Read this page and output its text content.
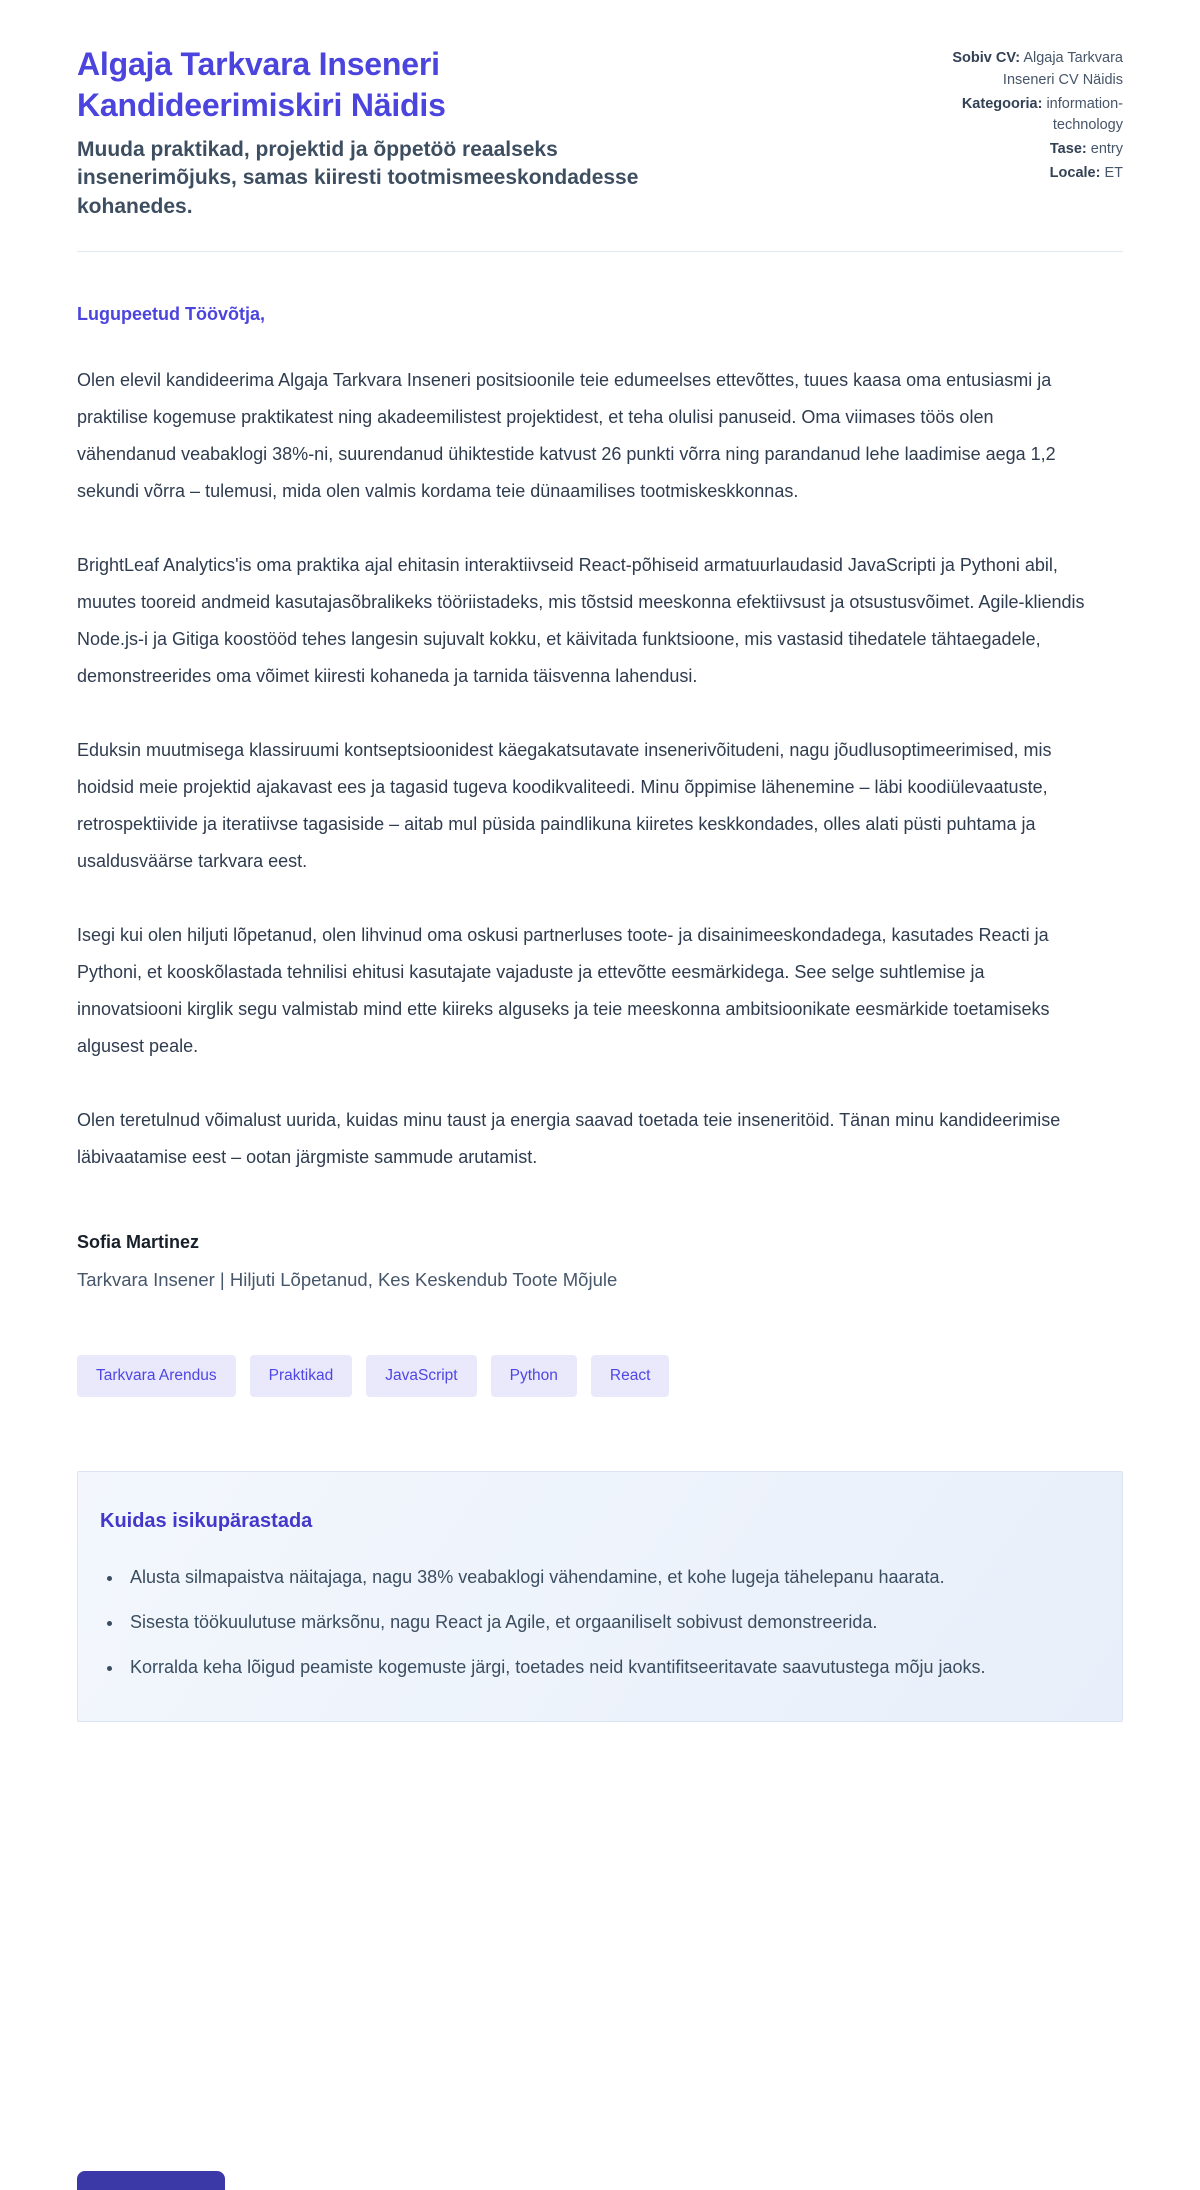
Algaja Tarkvara Inseneri Kandideerimiskiri Näidis
Muuda praktikad, projektid ja õppetöö reaalseks insenerimõjuks, samas kiiresti tootmismeeskondadesse kohanedes.
Sobiv CV: Algaja Tarkvara Inseneri CV Näidis
Kategooria: information-technology
Tase: entry
Locale: ET

Lugupeetud Töövõtja,

Olen elevil kandideerima Algaja Tarkvara Inseneri positsioonile teie edumeelses ettevõttes, tuues kaasa oma entusiasmi ja praktilise kogemuse praktikatest ning akadeemilistest projektidest, et teha olulisi panuseid. Oma viimases töös olen vähendanud veabaklogi 38%-ni, suurendanud ühiktestide katvust 26 punkti võrra ning parandanud lehe laadimise aega 1,2 sekundi võrra – tulemusi, mida olen valmis kordama teie dünaamilises tootmiskeskkonnas.

BrightLeaf Analytics'is oma praktika ajal ehitasin interaktiivseid React-põhiseid armatuurlaudasid JavaScripti ja Pythoni abil, muutes tooreid andmeid kasutajasõbralikeks tööriistadeks, mis tõstsid meeskonna efektiivsust ja otsustusvõimet. Agile-kliendis Node.js-i ja Gitiga koostööd tehes langesin sujuvalt kokku, et käivitada funktsioone, mis vastasid tihedatele tähtaegadele, demonstreerides oma võimet kiiresti kohaneda ja tarnida täisvenna lahendusi.

Eduksin muutmisega klassiruumi kontseptsioonidest käegakatsutavate insenerivõitudeni, nagu jõudlusoptimeerimised, mis hoidsid meie projektid ajakavast ees ja tagasid tugeva koodikvaliteedi. Minu õppimise lähenemine – läbi koodiülevaatuste, retrospektiivide ja iteratiivse tagasiside – aitab mul püsida paindlikuna kiiretes keskkondades, olles alati püsti puhtama ja usaldusväärse tarkvara eest.

Isegi kui olen hiljuti lõpetanud, olen lihvinud oma oskusi partnerluses toote- ja disainimeeskondadega, kasutades Reacti ja Pythoni, et kooskõlastada tehnilisi ehitusi kasutajate vajaduste ja ettevõtte eesmärkidega. See selge suhtlemise ja innovatsiooni kirglik segu valmistab mind ette kiireks alguseks ja teie meeskonna ambitsioonikate eesmärkide toetamiseks algusest peale.

Olen teretulnud võimalust uurida, kuidas minu taust ja energia saavad toetada teie inseneritöid. Tänan minu kandideerimise läbivaatamise eest – ootan järgmiste sammude arutamist.

Sofia Martinez

Tarkvara Insener | Hiljuti Lõpetanud, Kes Keskendub Toote Mõjule

Tarkvara Arendus	Praktikad	JavaScript	Python	React
Kuidas isikupärastada
• Alusta silmapaistva näitajaga, nagu 38% veabaklogi vähendamine, et kohe lugeja tähelepanu haarata.
• Sisesta töökuulutuse märksõnu, nagu React ja Agile, et orgaaniliselt sobivust demonstreerida.
• Korralda keha lõigud peamiste kogemuste järgi, toetades neid kvantifitseeritavate saavutustega mõju jaoks.
